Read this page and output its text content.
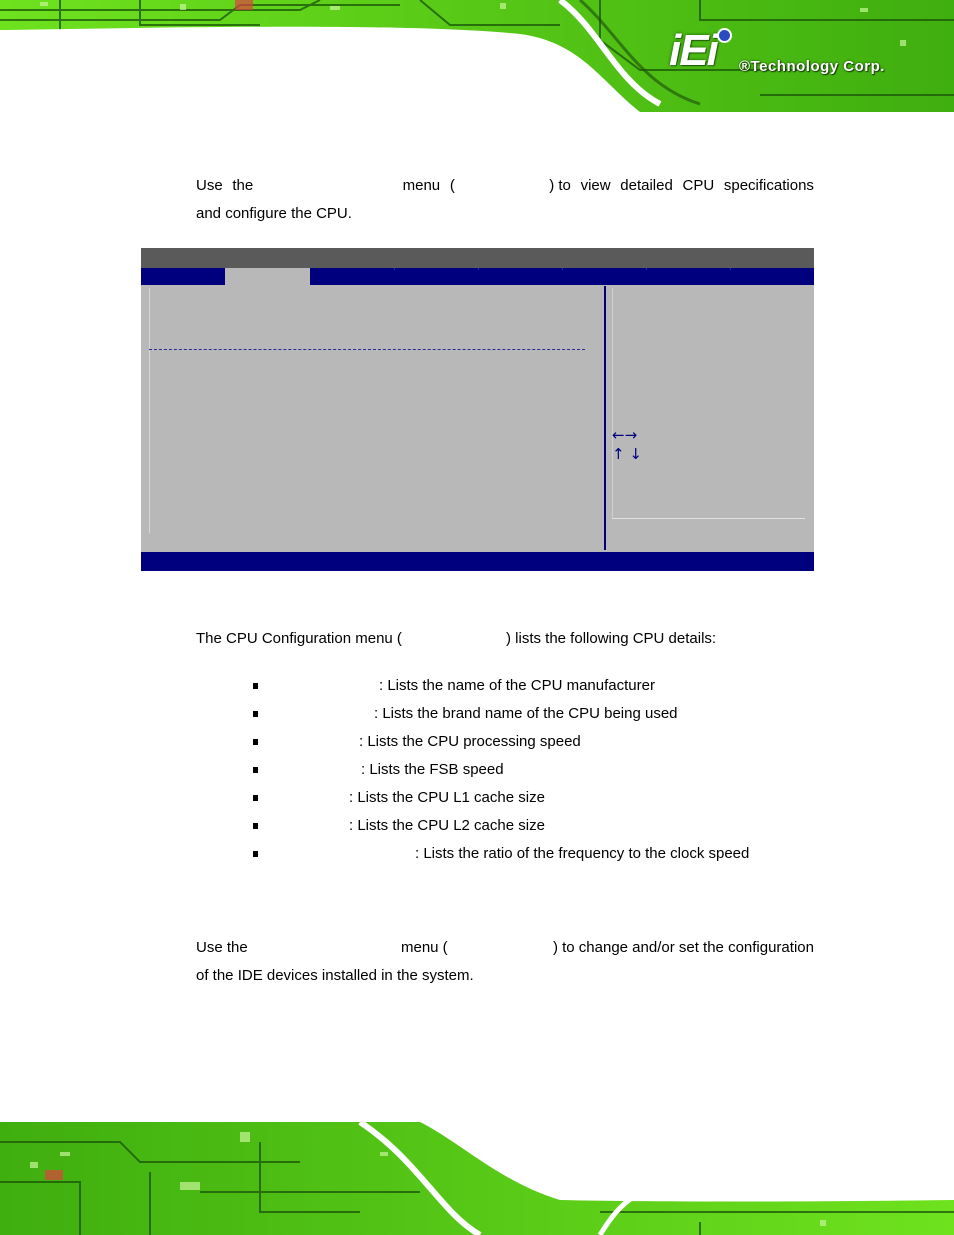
iEi ®Technology Corp.
Use the	menu (	) to view detailed CPU specifications
and configure the CPU.
←→
↑ ↓
The CPU Configuration menu (	) lists the following CPU details:
: Lists the name of the CPU manufacturer
: Lists the brand name of the CPU being used
: Lists the CPU processing speed
: Lists the FSB speed
: Lists the CPU L1 cache size
: Lists the CPU L2 cache size
: Lists the ratio of the frequency to the clock speed
Use the	menu (	) to change and/or set the configuration
of the IDE devices installed in the system.
